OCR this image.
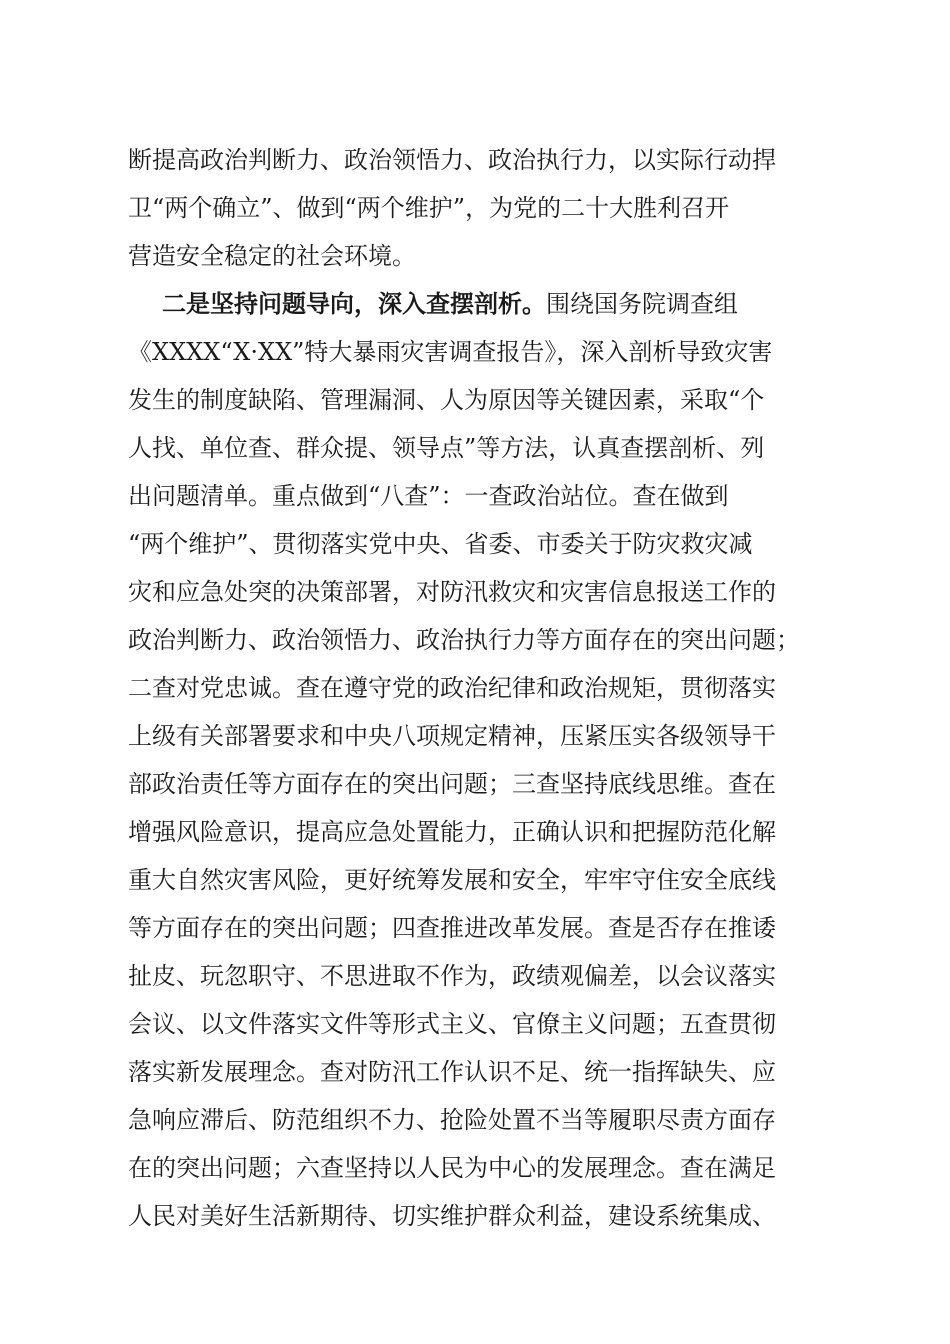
断提高政治判断力、政治领悟力、政治执行力，以实际行动捍
卫“两个确立”、做到“两个维护”，为党的二十大胜利召开
营造安全稳定的社会环境。
二是坚持问题导向，深入查摆剖析。围绕国务院调查组
《XXXX“X·XX”特大暴雨灾害调查报告》，深入剖析导致灾害
发生的制度缺陷、管理漏洞、人为原因等关键因素，采取“个
人找、单位查、群众提、领导点”等方法，认真查摆剖析、列
出问题清单。重点做到“八查”：一查政治站位。查在做到
“两个维护”、贯彻落实党中央、省委、市委关于防灾救灾减
灾和应急处突的决策部署，对防汛救灾和灾害信息报送工作的
政治判断力、政治领悟力、政治执行力等方面存在的突出问题；
二查对党忠诚。查在遵守党的政治纪律和政治规矩，贯彻落实
上级有关部署要求和中央八项规定精神，压紧压实各级领导干
部政治责任等方面存在的突出问题；三查坚持底线思维。查在
增强风险意识，提高应急处置能力，正确认识和把握防范化解
重大自然灾害风险，更好统筹发展和安全，牢牢守住安全底线
等方面存在的突出问题；四查推进改革发展。查是否存在推诿
扯皮、玩忽职守、不思进取不作为，政绩观偏差，以会议落实
会议、以文件落实文件等形式主义、官僚主义问题；五查贯彻
落实新发展理念。查对防汛工作认识不足、统一指挥缺失、应
急响应滞后、防范组织不力、抢险处置不当等履职尽责方面存
在的突出问题；六查坚持以人民为中心的发展理念。查在满足
人民对美好生活新期待、切实维护群众利益，建设系统集成、
